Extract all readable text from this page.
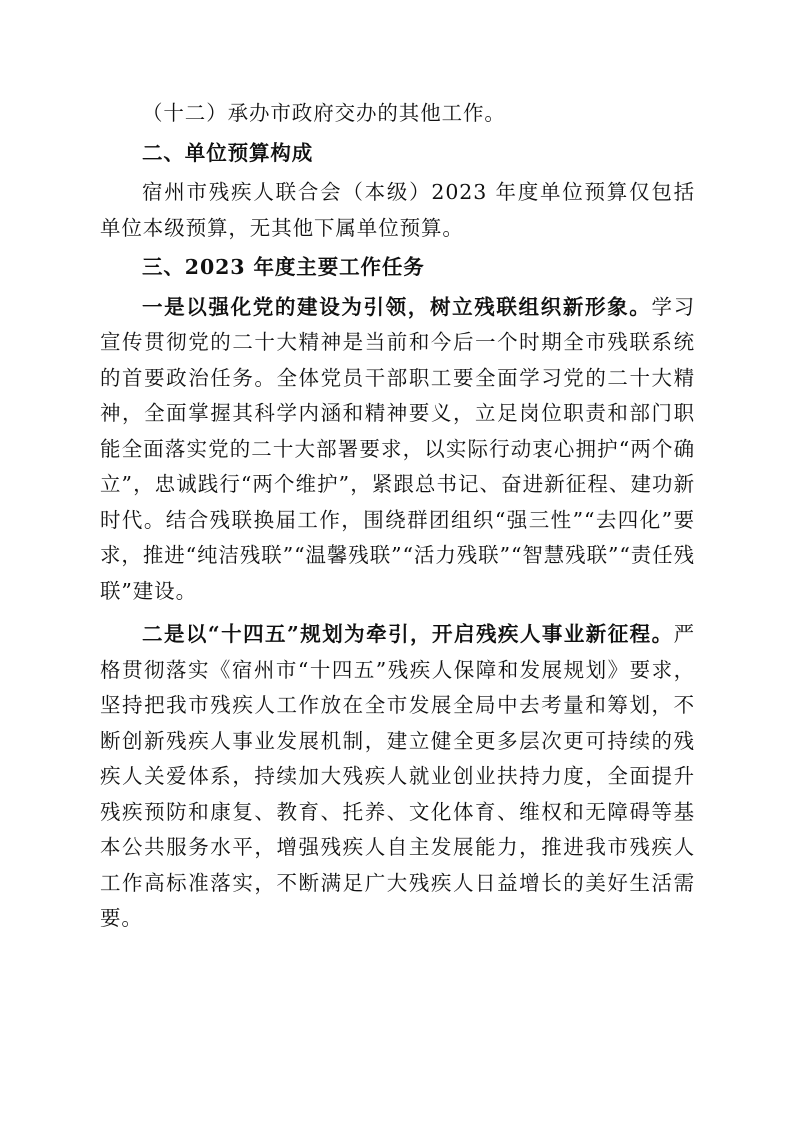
（十二）承办市政府交办的其他工作。

二、单位预算构成

宿州市残疾人联合会（本级）2023 年度单位预算仅包括单位本级预算，无其他下属单位预算。

三、2023 年度主要工作任务

一是以强化党的建设为引领，树立残联组织新形象。学习宣传贯彻党的二十大精神是当前和今后一个时期全市残联系统的首要政治任务。全体党员干部职工要全面学习党的二十大精神，全面掌握其科学内涵和精神要义，立足岗位职责和部门职能全面落实党的二十大部署要求，以实际行动衷心拥护“两个确立”，忠诚践行“两个维护”，紧跟总书记、奋进新征程、建功新时代。结合残联换届工作，围绕群团组织“强三性”“去四化”要求，推进“纯洁残联”“温馨残联”“活力残联”“智慧残联”“责任残联”建设。

二是以“十四五”规划为牵引，开启残疾人事业新征程。严格贯彻落实《宿州市“十四五”残疾人保障和发展规划》要求，坚持把我市残疾人工作放在全市发展全局中去考量和筹划，不断创新残疾人事业发展机制，建立健全更多层次更可持续的残疾人关爱体系，持续加大残疾人就业创业扶持力度，全面提升残疾预防和康复、教育、托养、文化体育、维权和无障碍等基本公共服务水平，增强残疾人自主发展能力，推进我市残疾人工作高标准落实，不断满足广大残疾人日益增长的美好生活需要。
